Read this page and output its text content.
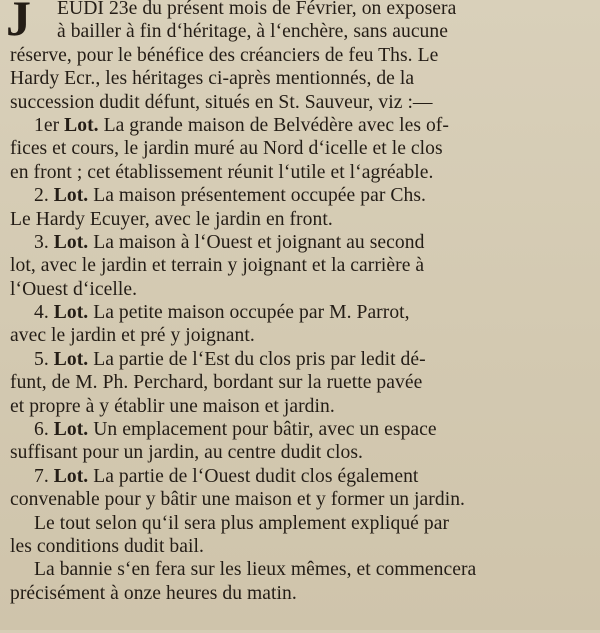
J	EUDI 23e du présent mois de Février, on exposera
à bailler à fin d‘héritage, à l‘enchère, sans aucune
réserve, pour le bénéfice des créanciers de feu Ths. Le
Hardy Ecr., les héritages ci-après mentionnés, de la
succession dudit défunt, situés en St. Sauveur, viz :—
1er Lot. La grande maison de Belvédère avec les of-
fices et cours, le jardin muré au Nord d‘icelle et le clos
en front ; cet établissement réunit l‘utile et l‘agréable.
2. Lot. La maison présentement occupée par Chs.
Le Hardy Ecuyer, avec le jardin en front.
3. Lot. La maison à l‘Ouest et joignant au second
lot, avec le jardin et terrain y joignant et la carrière à
l‘Ouest d‘icelle.
4. Lot. La petite maison occupée par M. Parrot,
avec le jardin et pré y joignant.
5. Lot. La partie de l‘Est du clos pris par ledit dé-
funt, de M. Ph. Perchard, bordant sur la ruette pavée
et propre à y établir une maison et jardin.
6. Lot. Un emplacement pour bâtir, avec un espace
suffisant pour un jardin, au centre dudit clos.
7. Lot. La partie de l‘Ouest dudit clos également
convenable pour y bâtir une maison et y former un jardin.
Le tout selon qu‘il sera plus amplement expliqué par
les conditions dudit bail.
La bannie s‘en fera sur les lieux mêmes, et commencera
précisément à onze heures du matin.
